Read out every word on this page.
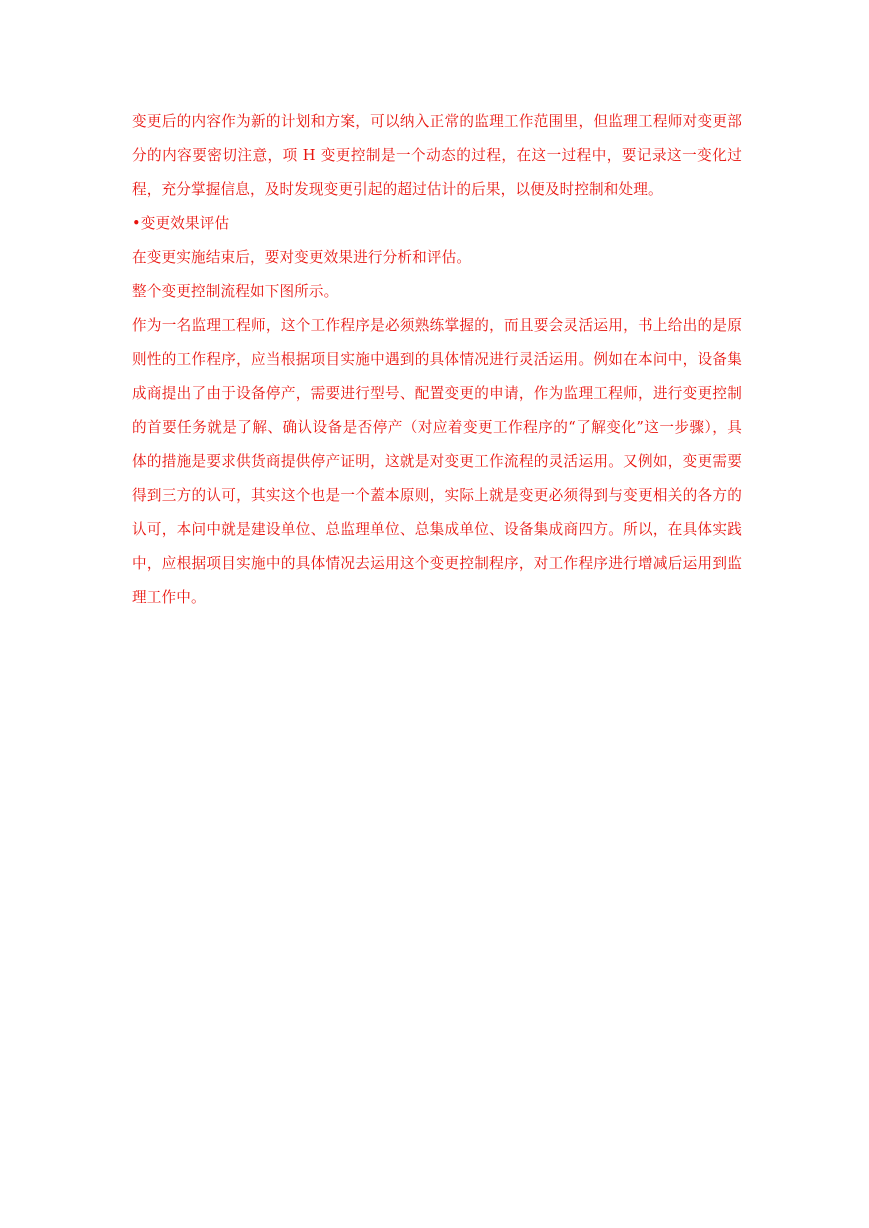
变更后的内容作为新的计划和方案，可以纳入正常的监理工作范围里，但监理工程师对变更部分的内容要密切注意，项 H 变更控制是一个动态的过程，在这一过程中，要记录这一变化过程，充分掌握信息，及时发现变更引起的超过估计的后果，以便及时控制和处理。

•变更效果评估

在变更实施结束后，要对变更效果进行分析和评估。

整个变更控制流程如下图所示。

作为一名监理工程师，这个工作程序是必须熟练掌握的，而且要会灵活运用，书上给出的是原则性的工作程序，应当根据项目实施中遇到的具体情况进行灵活运用。例如在本问中，设备集成商提出了由于设备停产，需要进行型号、配置变更的申请，作为监理工程师，进行变更控制的首要任务就是了解、确认设备是否停产（对应着变更工作程序的“了解变化”这一步骤），具体的措施是要求供货商提供停产证明，这就是对变更工作流程的灵活运用。又例如，变更需要得到三方的认可，其实这个也是一个蓋本原则，实际上就是变更必须得到与变更相关的各方的认可，本问中就是建设单位、总监理单位、总集成单位、设备集成商四方。所以，在具体实践中，应根据项目实施中的具体情况去运用这个变更控制程序，对工作程序进行增减后运用到监理工作中。
